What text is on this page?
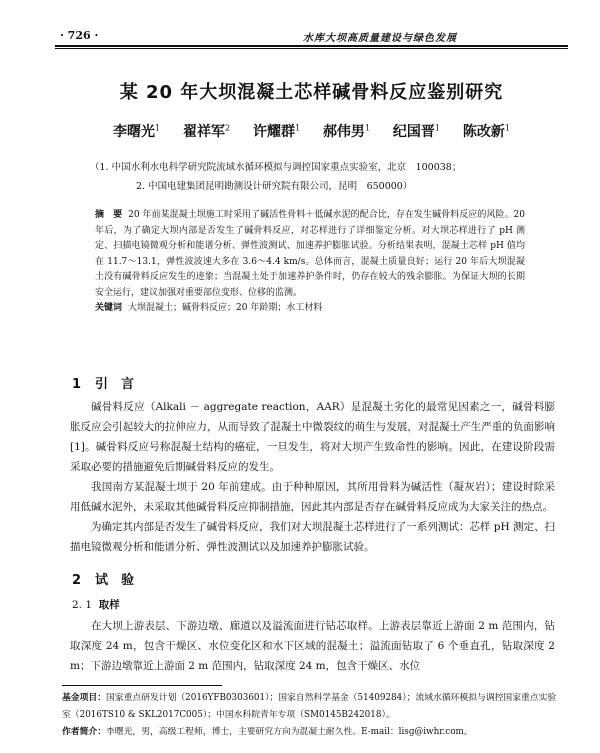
· 726 ·	水库大坝高质量建设与绿色发展
某 20 年大坝混凝土芯样碱骨料反应鉴别研究
李曙光$^1$ 翟祥军$^2$ 许耀群$^1$ 郝伟男$^1$ 纪国晋$^1$ 陈改新$^1$
（1. 中国水利水电科学研究院流域水循环模拟与调控国家重点实验室，北京　100038；
2. 中国电建集团昆明勘测设计研究院有限公司，昆明　650000）
摘　要 20 年前某混凝土坝施工时采用了碱活性骨料＋低碱水泥的配合比，存在发生碱骨料反应的风险。20 年后，为了确定大坝内部是否发生了碱骨料反应，对芯样进行了详细鉴定分析。对大坝芯样进行了 pH 测定、扫描电镜微观分析和能谱分析、弹性波测试、加速养护膨胀试验。分析结果表明，混凝土芯样 pH 值均在 11.7～13.1，弹性波波速大多在 3.6～4.4 km/s。总体而言，混凝土质量良好；运行 20 年后大坝混凝土没有碱骨料反应发生的迹象；当混凝土处于加速养护条件时，仍存在较大的残余膨胀。为保证大坝的长期安全运行，建议加强对重要部位变形、位移的监测。
关键词 大坝混凝土；碱骨料反应；20 年龄期；水工材料
1 引　言

碱骨料反应（Alkali － aggregate reaction，AAR）是混凝土劣化的最常见因素之一，碱骨料膨胀反应会引起较大的拉伸应力，从而导致了混凝土中微裂纹的萌生与发展，对混凝土产生严重的负面影响[1]。碱骨料反应号称混凝土结构的癌症，一旦发生，将对大坝产生致命性的影响。因此，在建设阶段需采取必要的措施避免后期碱骨料反应的发生。

我国南方某混凝土坝于 20 年前建成。由于种种原因，其所用骨料为碱活性（凝灰岩）；建设时除采用低碱水泥外，未采取其他碱骨料反应抑制措施，因此其内部是否存在碱骨料反应成为大家关注的热点。

为确定其内部是否发生了碱骨料反应，我们对大坝混凝土芯样进行了一系列测试：芯样 pH 测定、扫描电镜微观分析和能谱分析、弹性波测试以及加速养护膨胀试验。

2 试　验
2. 1 取样

在大坝上游表层、下游边墩、廊道以及溢流面进行钻芯取样。上游表层靠近上游面 2 m 范围内，钻取深度 24 m，包含干燥区、水位变化区和水下区域的混凝土；溢流面钻取了 6 个垂直孔，钻取深度 2 m；下游边墩靠近上游面 2 m 范围内，钻取深度 24 m，包含干燥区、水位

基金项目：国家重点研发计划（2016YFB0303601）；国家自然科学基金（51409284）；流域水循环模拟与调控国家重点实验室（2016TS10 & SKL2017C005）；中国水科院青年专项（SM0145B242018）。

作者简介：李曙光，男，高级工程师，博士，主要研究方向为混凝土耐久性。E-mail：lisg@iwhr.com。
